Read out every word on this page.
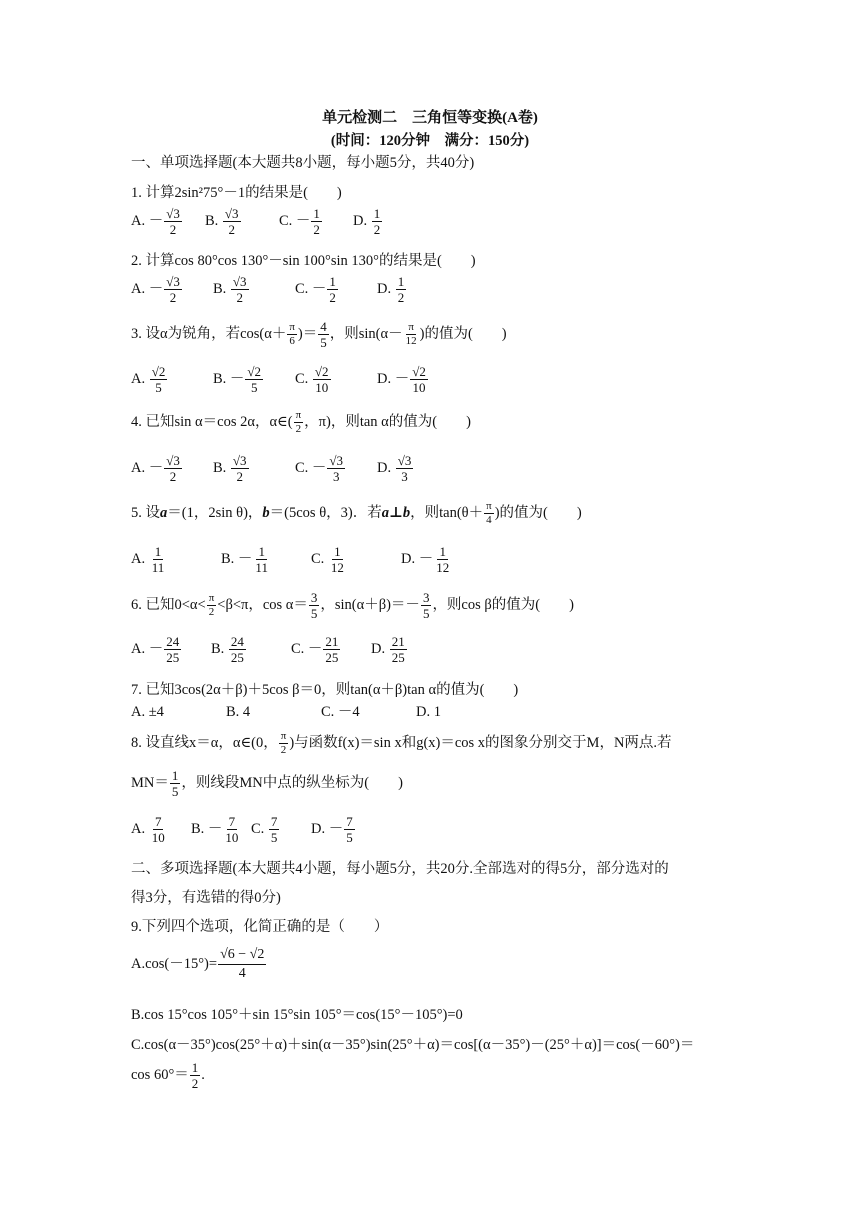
单元检测二　三角恒等变换(A卷)
(时间：120分钟　满分：150分)
一、单项选择题(本大题共8小题，每小题5分，共40分)
1. 计算2sin²75°－1的结果是(　　)
A. － $\frac{√3}{2} B$. $\frac{√3}{2}$	C. － $\frac{1}{2} D$. $\frac{1}{2}$
2. 计算cos 80°cos 130°－sin 100°sin 130°的结果是(　　)
A. － $\frac{√3}{2} B$. $\frac{√3}{2}$	C. － $\frac{1}{2}$	D. $\frac{1}{2}$
3. 设α为锐角，若$\cos(\alpha+ \frac{\pi}{6}$ )＝ $\frac{4}{5}$ ，则$\sin(\alpha- \frac{\pi}{12}$ )的值为(　　)
A. $\frac{√2}{5}$	B. － $\frac{√2}{5} C$. $\frac{√2}{10}$	D. － $\frac{√2}{10}$
4. 已知sin α＝cos 2α，α∈( $\frac{\pi}{2}$ ，π)，则tan α的值为(　　)
A. － $\frac{√3}{2} B$. $\frac{√3}{2}$	C. － $\frac{√3}{3} D$. $\frac{√3}{3}$
5. 设a＝(1，2sin θ)，b＝(5cos θ，3)．若a⊥b，则$\tan(\theta+ \frac{\pi}{4}$ )的值为(　　)
A. $\frac{1}{11}$	B. － $\frac{1}{11}$	C. $\frac{1}{12}$	D. － $\frac{1}{12}$
6. 已知$0<\alpha< \frac{\pi}{2} <\beta<\pi$，$\cos \alpha= \frac{3}{5}$ ，$\sin(\alpha+\beta)=- \frac{3}{5}$ ，则cos β的值为(　　)
A. － $\frac{24}{25} B$. $\frac{24}{25}$	C. － $\frac{21}{25} D$. $\frac{21}{25}$
7. 已知3cos(2α＋β)＋5cos β＝0，则tan(α＋β)tan α的值为(　　)
A. ±4	B. 4	C. －4	D. 1
8. 设直线x＝α，α∈(0， $\frac{\pi}{2}$ )与函数f(x)＝sin x和g(x)＝cos x的图象分别交于M，N两点.若
$MN= \frac{1}{5}$ ，则线段MN中点的纵坐标为(　　)
A. $\frac{7}{10} B$. － $\frac{7}{10} C$. $\frac{7}{5} D$. － $\frac{7}{5}$
二、多项选择题(本大题共4小题，每小题5分，共20分.全部选对的得5分，部分选对的
得3分，有选错的得0分)
9.下列四个选项，化简正确的是（　　）
$A.\cos(-15^\circ)= \frac{√6 - √2}{4}$
B.cos 15°cos 105°＋sin 15°sin 105°＝cos(15°－105°)=0
C.cos(α－35°)cos(25°＋α)＋sin(α－35°)sin(25°＋α)＝cos[(α－35°)－(25°＋α)]＝cos(－60°)＝
$\cos 60^\circ= \frac{1}{2}$ .
